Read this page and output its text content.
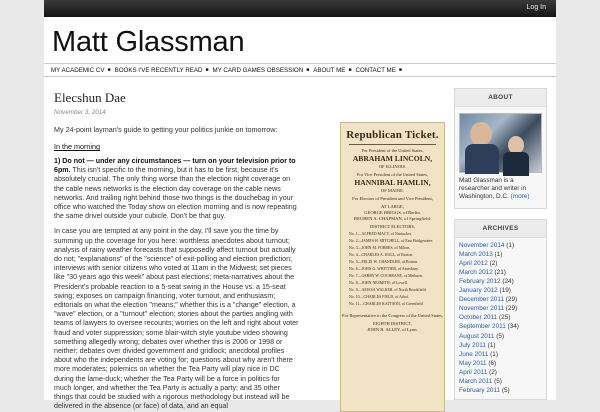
Log In
Matt Glassman
MY ACADEMIC CV ■ BOOKS I'VE RECENTLY READ ■ MY CARD GAMES OBSESSION ■ ABOUT ME ■ CONTACT ME ■
Elecshun Dae
November 3, 2014
My 24-point layman's guide to getting your politics junkie on tomorrow:
In the morning
1) Do not — under any circumstances — turn on your television prior to 6pm. This isn't specific to the morning, but it has to be first, because it's absolutely crucial. The only thing worse than the election night coverage on the cable news networks is the election day coverage on the cable news networks. And trailing right behind those two things is the douchebag in your office who watched the Today show on election morning and is now repeating the same drivel outside your cubicle. Don't be that guy.
In case you are tempted at any point in the day, I'll save you the time by summing up the coverage for you here: worthless anecdotes about turnout; analysis of rainy weather forecasts that supposedly affect turnout but actually do not; "explanations" of the "science" of exit-polling and election prediction; interviews with senior citizens who voted at 11am in the Midwest; set pieces like "30 years ago this week" about past elections; meta-narratives about the President's probable reaction to a 5-seat swing in the House vs. a 15-seat swing; exposes on campaign financing, voter turnout, and enthusiasm; editorials on what the election "means;" whether this is a "change" election, a "wave" election, or a "turnout" election; stories about the parties angling with teams of lawyers to oversee recounts; worries on the left and right about voter fraud and voter suppression; some blair-witch style youtube video showing something allegedly wrong; debates over whether this is 2006 or 1998 or neither; debates over divided government and gridlock; anecdotal profiles about who the independents are voting for; questions about why aren't there more moderates; polemics on whether the Tea Party will play nice in DC during the lame-duck; whether the Tea Party will be a force in politics for much longer, and whether the Tea Party is actually a party; and 35 other things that could be studied with a rigorous methodology but instead will be delivered in the absence (or face) of data, and an equal
Republican Ticket.
For President of the United States,
ABRAHAM LINCOLN,
OF ILLINOIS.
For Vice President of the United States,
HANNIBAL HAMLIN,
OF MAINE.
For Electors of President and Vice President,
AT LARGE,
GEORGE BRIGGS, of Berlin.
REUBEN A. CHAPMAN, of Springfield.
DISTRICT ELECTORS,
No. 1—ALFRED MACY, of Nantucket.
No. 2—JAMES H. MITCHELL, of East Bridgewater.
No. 3—JOHN M. FORBES, of Milton.
No. 4—CHARLES A. HALL, of Boston.
No. 5—FELIX W. CHANDLER, of Boston.
No. 6—JOHN G. WHITTIER, of Amesbury.
No. 7—GERRY W. COCHRANE, of Methuen.
No. 8—JOHN NESMITH, of Lowell.
No. 9—AMASA WALKER, of North Brookfield.
No. 10—CHARLES FIELD, of Athol.
No. 11—CHARLES KATTSON, of Greenfield.
For Representative to the Congress of the United States,
EIGHTH DISTRICT,
JOHN B. ALLEY, of Lynn.
ABOUT
Matt Glassman is a researcher and writer in Washington, D.C. (more)
ARCHIVES
November 2014 (1)
March 2013 (1)
April 2012 (2)
March 2012 (21)
February 2012 (24)
January 2012 (19)
December 2011 (29)
November 2011 (29)
October 2011 (25)
September 2011 (34)
August 2011 (5)
July 2011 (1)
June 2011 (1)
May 2011 (6)
April 2011 (2)
March 2011 (5)
February 2011 (5)
